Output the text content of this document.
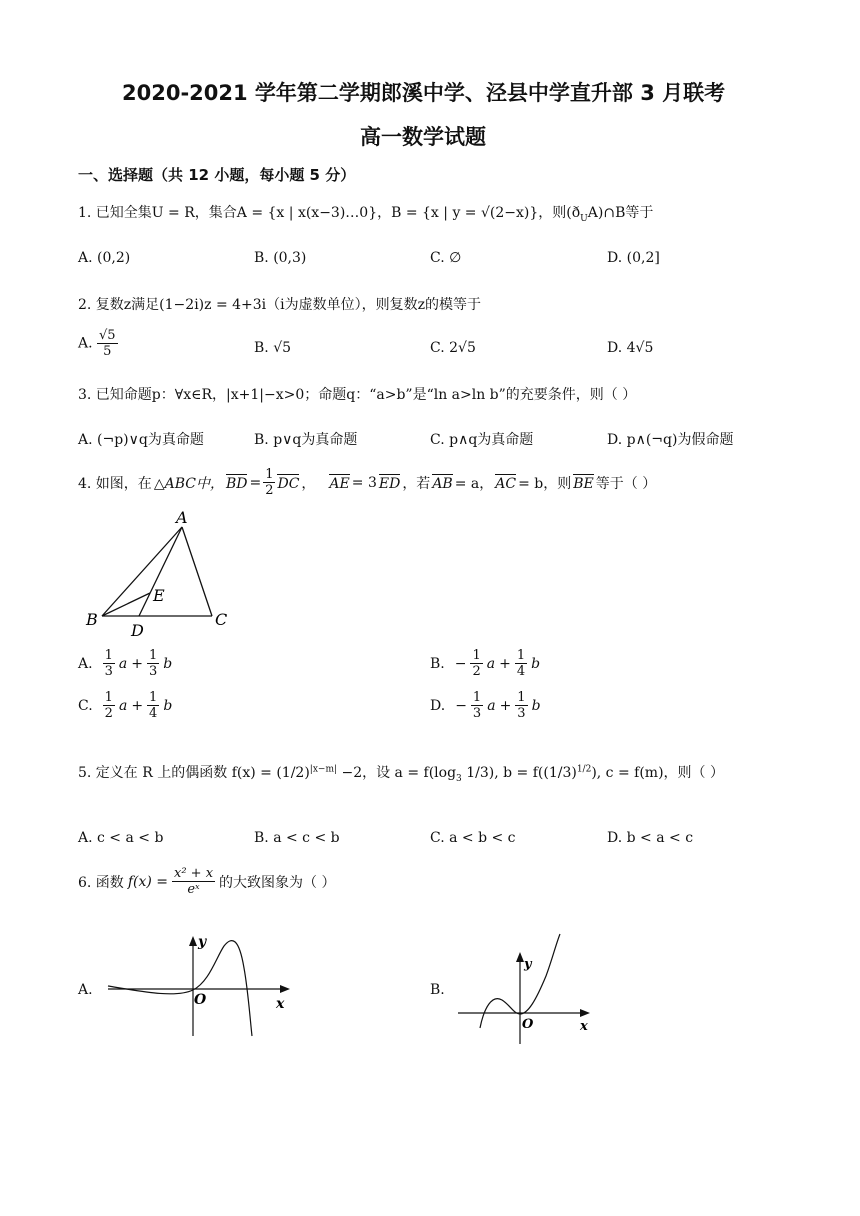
2020-2021 学年第二学期郎溪中学、泾县中学直升部 3 月联考
高一数学试题
一、选择题（共 12 小题，每小题 5 分）
1. 已知全集U = R，集合A = {x | x(x−3)…0}，B = {x | y = √(2−x)}，则$(ð_UA)\cap B$等于
A. (0,2)	B. (0,3)	C. ∅	D. (0,2]
2. 复数z满足(1−2i)z = 4+3i（i为虚数单位），则复数z的模等于
A. $\frac{√5}{5}$	B. √5	C. 2√5	D. 4√5
3. 已知命题p：∀x∈R，|x+1|−x>0；命题q：“a>b”是“ln a>ln b”的充要条件，则（ ）
A. (¬p)∨q为真命题	B. p∨q为真命题	C. p∧q为真命题	D. p∧(¬q)为假命题
4. 如图，在 △ABC中， BD = $\frac{1}{2}$ DC ， AE = 3 ED ，若 AB = a， AC = b，则 BE 等于（ ）
A
B	C
D
E
A. 1
3 $a + \frac{1}{3}$ b	B. − $\frac{1}{2}$ $a + \frac{1}{4}$ b
C. 1
2 $a + \frac{1}{4}$ b	D. − $\frac{1}{3}$ $a + \frac{1}{3}$ b
5. 定义在 R 上的偶函数 $f(x) = (1/2)^{|x-m|} -2$，设 $a = f(\log_3$ 1/3), $b = f((1/3)^{1/2})$, c = f(m)，则（ ）
A. c < a < b	B. a < c < b	C. a < b < c	D. b < a < c
6. 函数 $f(x) = \frac{\text{x² + x}}{\text{eˣ}}$ 的大致图象为（ ）
A.
y
x
O
B.
y
x
O
